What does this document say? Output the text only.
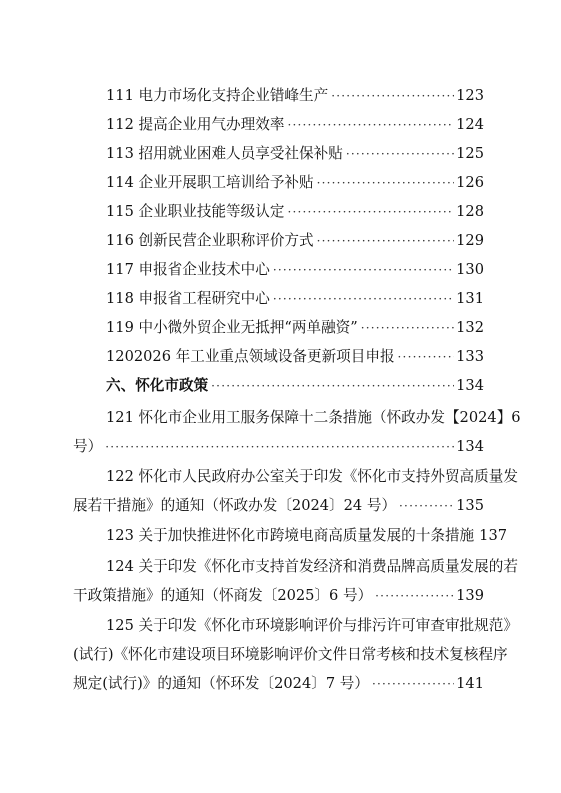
111 电力市场化支持企业错峰生产 ·····	123
112 提高企业用气办理效率 ·····	124
113 招用就业困难人员享受社保补贴 ·····	125
114 企业开展职工培训给予补贴 ·····	126
115 企业职业技能等级认定 ·····	128
116 创新民营企业职称评价方式 ·····	129
117 申报省企业技术中心 ·····	130
118 申报省工程研究中心 ·····	131
119 中小微外贸企业无抵押“两单融资” ·····	132
1202026 年工业重点领域设备更新项目申报 ·····	133
六、怀化市政策 ·····	134
121 怀化市企业用工服务保障十二条措施（怀政办发【2024】6
号） ·····	134
122 怀化市人民政府办公室关于印发《怀化市支持外贸高质量发
展若干措施》的通知（怀政办发〔2024〕24 号） ·····	135
123 关于加快推进怀化市跨境电商高质量发展的十条措施 137
124 关于印发《怀化市支持首发经济和消费品牌高质量发展的若
干政策措施》的通知（怀商发〔2025〕6 号） ·····	139
125 关于印发《怀化市环境影响评价与排污许可审查审批规范》
(试行)《怀化市建设项目环境影响评价文件日常考核和技术复核程序
规定(试行)》的通知（怀环发〔2024〕7 号） ·····	141
